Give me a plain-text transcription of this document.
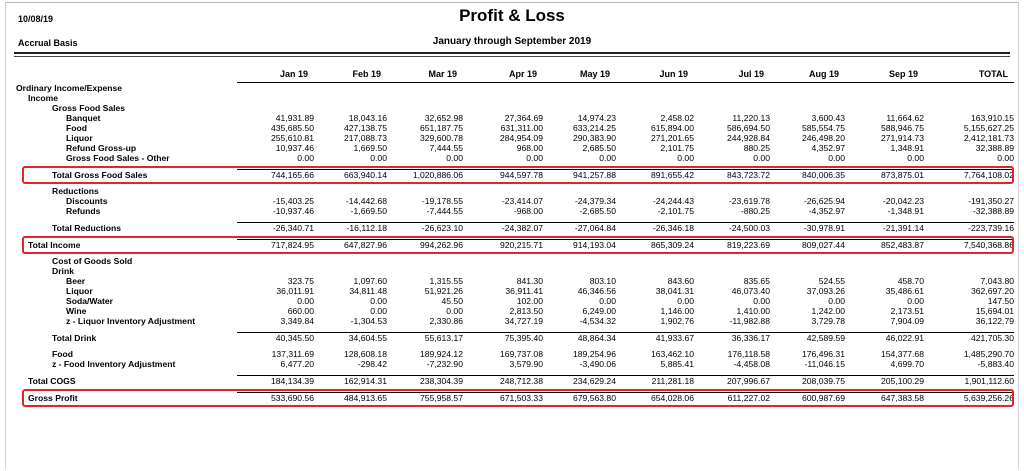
10/08/19
Accrual Basis
Profit & Loss
January through September 2019
	Jan 19	Feb 19	Mar 19	Apr 19	May 19	Jun 19	Jul 19	Aug 19	Sep 19	TOTAL
Ordinary Income/Expense										
Income										
Gross Food Sales										
Banquet	41,931.89	18,043.16	32,652.98	27,364.69	14,974.23	2,458.02	11,220.13	3,600.43	11,664.62	163,910.15
Food	435,685.50	427,138.75	651,187.75	631,311.00	633,214.25	615,894.00	586,694.50	585,554.75	588,946.75	5,155,627.25
Liquor	255,610.81	217,088.73	329,600.78	284,954.09	290,383.90	271,201.65	244,928.84	246,498.20	271,914.73	2,412,181.73
Refund Gross-up	10,937.46	1,669.50	7,444.55	968.00	2,685.50	2,101.75	880.25	4,352.97	1,348.91	32,388.89
Gross Food Sales - Other	0.00	0.00	0.00	0.00	0.00	0.00	0.00	0.00	0.00	0.00

Total Gross Food Sales	744,165.66	663,940.14	1,020,886.06	944,597.78	941,257.88	891,655.42	843,723.72	840,006.35	873,875.01	7,764,108.02

Reductions										
Discounts	-15,403.25	-14,442.68	-19,178.55	-23,414.07	-24,379.34	-24,244.43	-23,619.78	-26,625.94	-20,042.23	-191,350.27
Refunds	-10,937.46	-1,669.50	-7,444.55	-968.00	-2,685.50	-2,101.75	-880.25	-4,352.97	-1,348.91	-32,388.89

Total Reductions	-26,340.71	-16,112.18	-26,623.10	-24,382.07	-27,064.84	-26,346.18	-24,500.03	-30,978.91	-21,391.14	-223,739.16

Total Income	717,824.95	647,827.96	994,262.96	920,215.71	914,193.04	865,309.24	819,223.69	809,027.44	852,483.87	7,540,368.86

Cost of Goods Sold										
Drink										
Beer	323.75	1,097.60	1,315.55	841.30	803.10	843.60	835.65	524.55	458.70	7,043.80
Liquor	36,011.91	34,811.48	51,921.26	36,911.41	46,346.56	38,041.31	46,073.40	37,093.26	35,486.61	362,697.20
Soda/Water	0.00	0.00	45.50	102.00	0.00	0.00	0.00	0.00	0.00	147.50
Wine	660.00	0.00	0.00	2,813.50	6,249.00	1,146.00	1,410.00	1,242.00	2,173.51	15,694.01
z - Liquor Inventory Adjustment	3,349.84	-1,304.53	2,330.86	34,727.19	-4,534.32	1,902.76	-11,982.88	3,729.78	7,904.09	36,122.79

Total Drink	40,345.50	34,604.55	55,613.17	75,395.40	48,864.34	41,933.67	36,336.17	42,589.59	46,022.91	421,705.30

Food	137,311.69	128,608.18	189,924.12	169,737.08	189,254.96	163,462.10	176,118.58	176,496.31	154,377.68	1,485,290.70
z - Food Inventory Adjustment	6,477.20	-298.42	-7,232.90	3,579.90	-3,490.06	5,885.41	-4,458.08	-11,046.15	4,699.70	-5,883.40

Total COGS	184,134.39	162,914.31	238,304.39	248,712.38	234,629.24	211,281.18	207,996.67	208,039.75	205,100.29	1,901,112.60

Gross Profit	533,690.56	484,913.65	755,958.57	671,503.33	679,563.80	654,028.06	611,227.02	600,987.69	647,383.58	5,639,256.26
